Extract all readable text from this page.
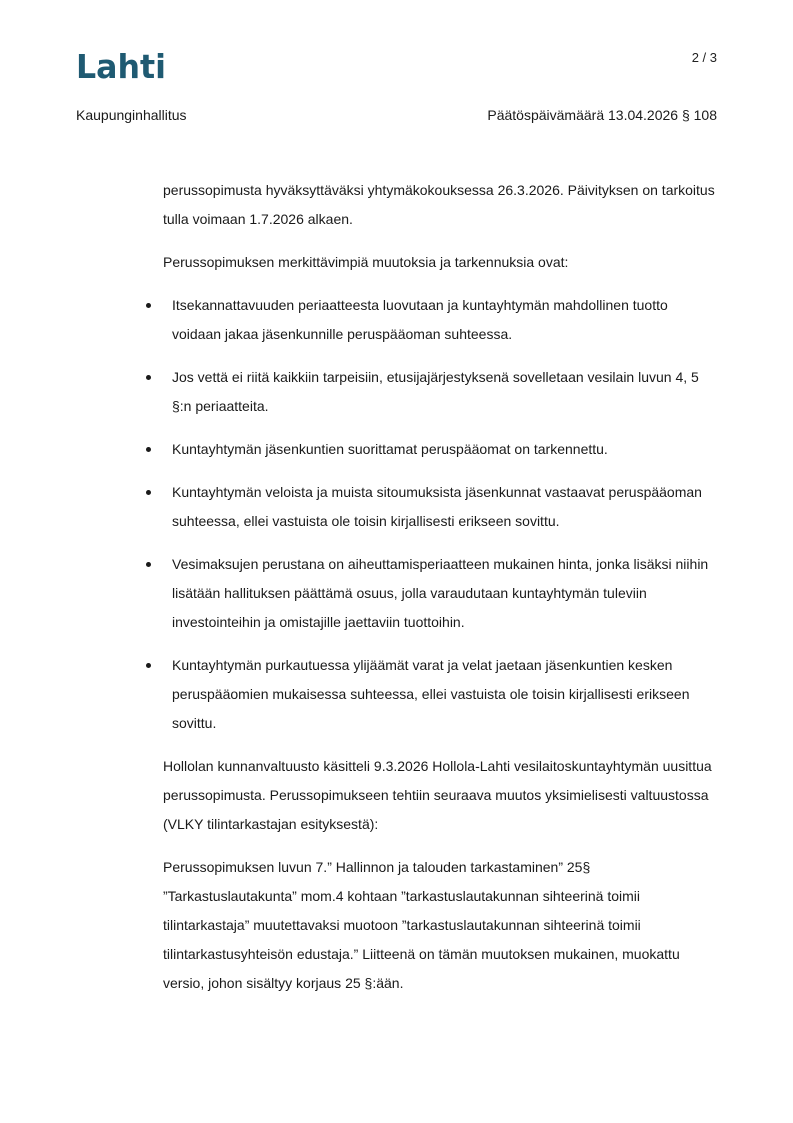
Lahti	2 / 3
Kaupunginhallitus	Päätöspäivämäärä 13.04.2026 § 108

perussopimusta hyväksyttäväksi yhtymäkokouksessa 26.3.2026. Päivityksen on tarkoitus tulla voimaan 1.7.2026 alkaen.

Perussopimuksen merkittävimpiä muutoksia ja tarkennuksia ovat:

Itsekannattavuuden periaatteesta luovutaan ja kuntayhtymän mahdollinen tuotto voidaan jakaa jäsenkunnille peruspääoman suhteessa.
Jos vettä ei riitä kaikkiin tarpeisiin, etusijajärjestyksenä sovelletaan vesilain luvun 4, 5 §:n periaatteita.
Kuntayhtymän jäsenkuntien suorittamat peruspääomat on tarkennettu.
Kuntayhtymän veloista ja muista sitoumuksista jäsenkunnat vastaavat peruspääoman suhteessa, ellei vastuista ole toisin kirjallisesti erikseen sovittu.
Vesimaksujen perustana on aiheuttamisperiaatteen mukainen hinta, jonka lisäksi niihin lisätään hallituksen päättämä osuus, jolla varaudutaan kuntayhtymän tuleviin investointeihin ja omistajille jaettaviin tuottoihin.
Kuntayhtymän purkautuessa ylijäämät varat ja velat jaetaan jäsenkuntien kesken peruspääomien mukaisessa suhteessa, ellei vastuista ole toisin kirjallisesti erikseen sovittu.

Hollolan kunnanvaltuusto käsitteli 9.3.2026 Hollola-Lahti vesilaitoskuntayhtymän uusittua perussopimusta. Perussopimukseen tehtiin seuraava muutos yksimielisesti valtuustossa (VLKY tilintarkastajan esityksestä):

Perussopimuksen luvun 7.” Hallinnon ja talouden tarkastaminen” 25§ ”Tarkastuslautakunta” mom.4 kohtaan ”tarkastuslautakunnan sihteerinä toimii tilintarkastaja” muutettavaksi muotoon ”tarkastuslautakunnan sihteerinä toimii tilintarkastusyhteisön edustaja.” Liitteenä on tämän muutoksen mukainen, muokattu versio, johon sisältyy korjaus 25 §:ään.
